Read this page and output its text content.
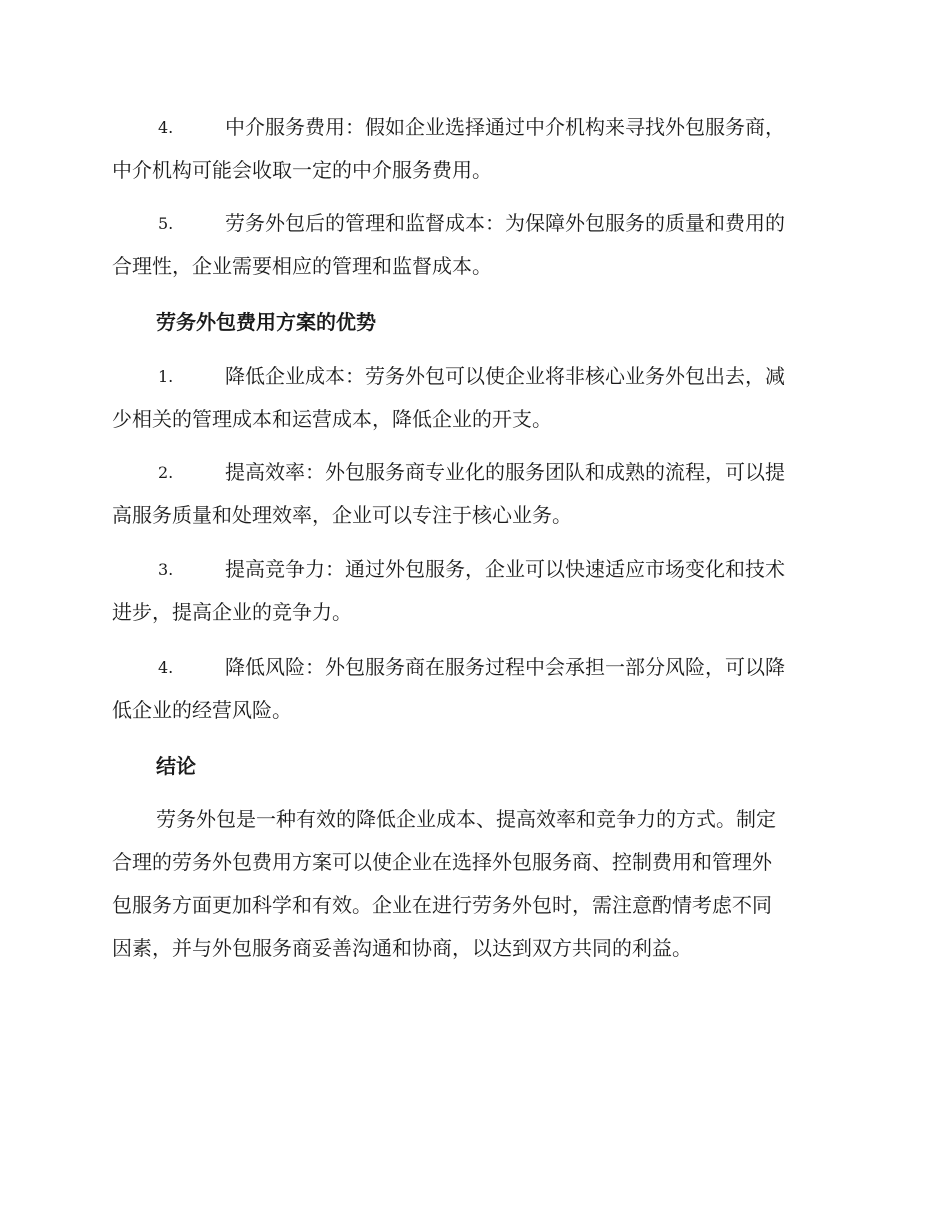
4.	中介服务费用：假如企业选择通过中介机构来寻找外包服务商，
中介机构可能会收取一定的中介服务费用。
5.	劳务外包后的管理和监督成本：为保障外包服务的质量和费用的
合理性，企业需要相应的管理和监督成本。
劳务外包费用方案的优势
1.	降低企业成本：劳务外包可以使企业将非核心业务外包出去，减
少相关的管理成本和运营成本，降低企业的开支。
2.	提高效率：外包服务商专业化的服务团队和成熟的流程，可以提
高服务质量和处理效率，企业可以专注于核心业务。
3.	提高竞争力：通过外包服务，企业可以快速适应市场变化和技术
进步，提高企业的竞争力。
4.	降低风险：外包服务商在服务过程中会承担一部分风险，可以降
低企业的经营风险。
结论
劳务外包是一种有效的降低企业成本、提高效率和竞争力的方式。制定
合理的劳务外包费用方案可以使企业在选择外包服务商、控制费用和管理外
包服务方面更加科学和有效。企业在进行劳务外包时，需注意酌情考虑不同
因素，并与外包服务商妥善沟通和协商，以达到双方共同的利益。
